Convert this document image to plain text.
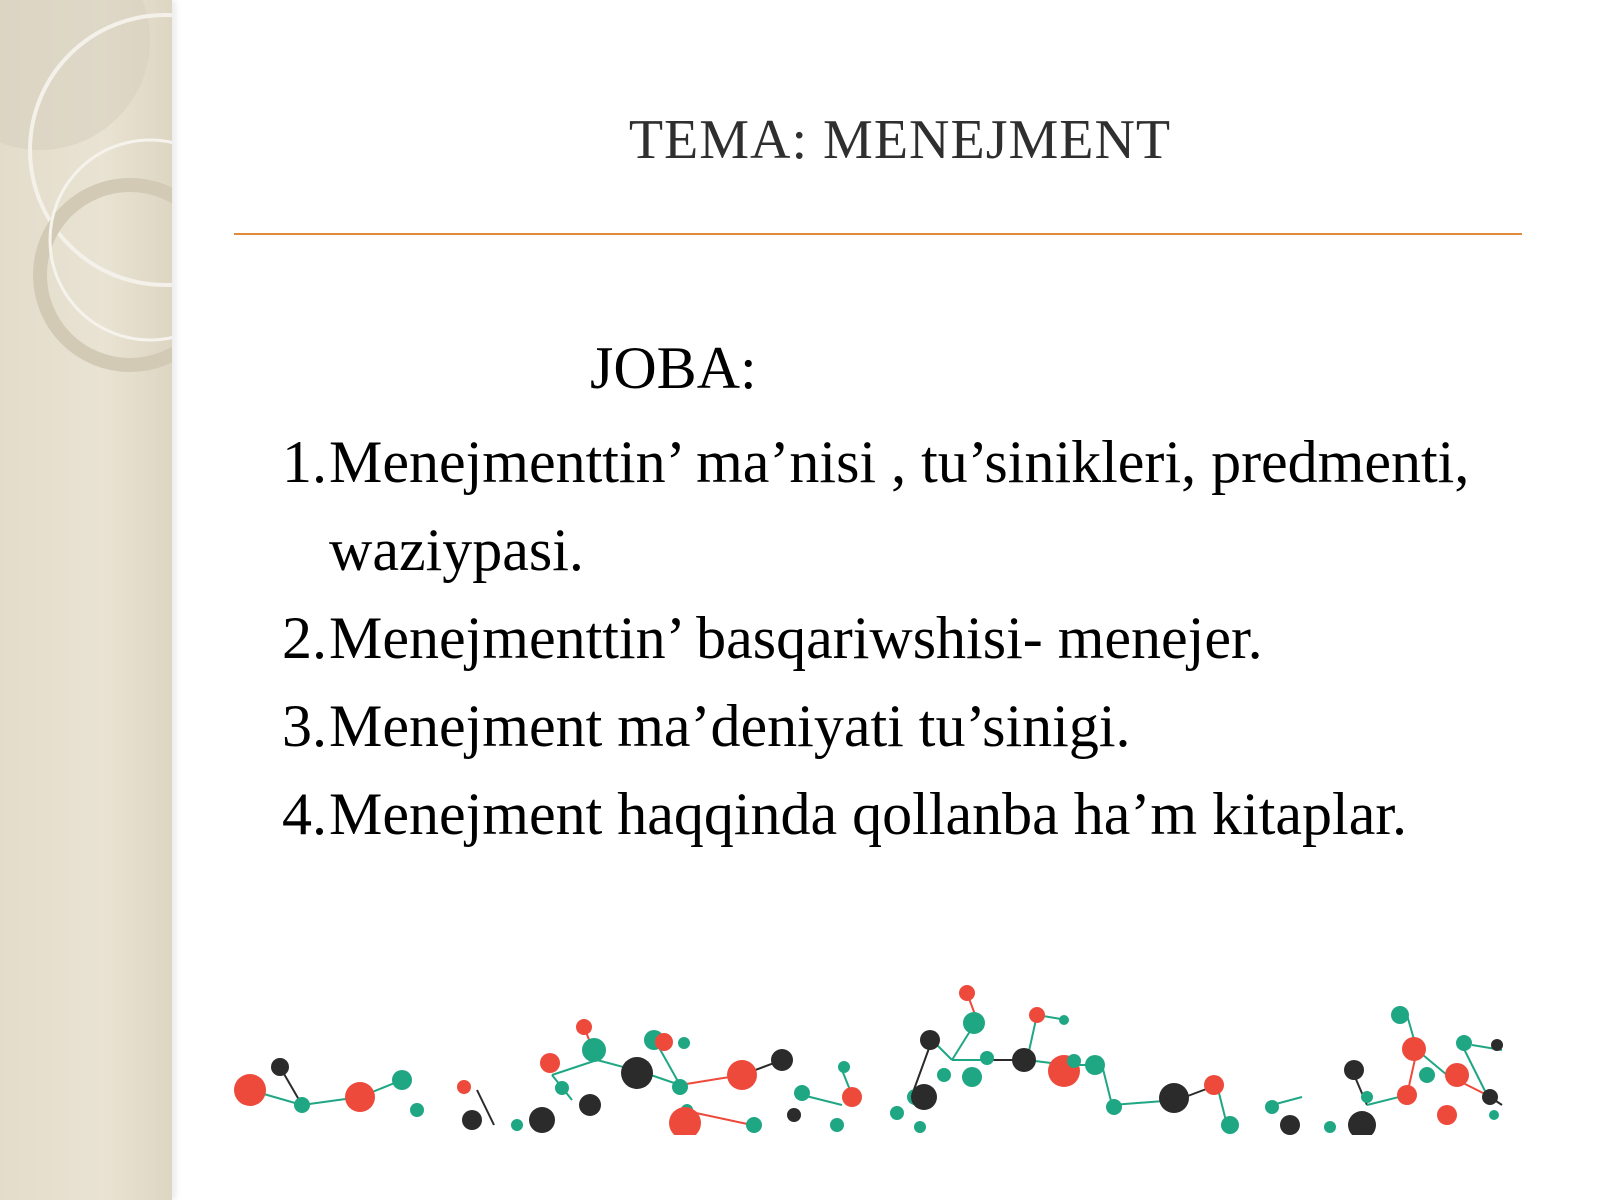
TEMA: MENEJMENT
JOBA:
1. Menejmenttin’ ma’nisi , tu’sinikleri, predmenti, waziypasi.
2. Menejmenttin’ basqariwshisi- menejer.
3. Menejment ma’deniyati tu’sinigi.
4. Menejment haqqinda qollanba ha’m kitaplar.
